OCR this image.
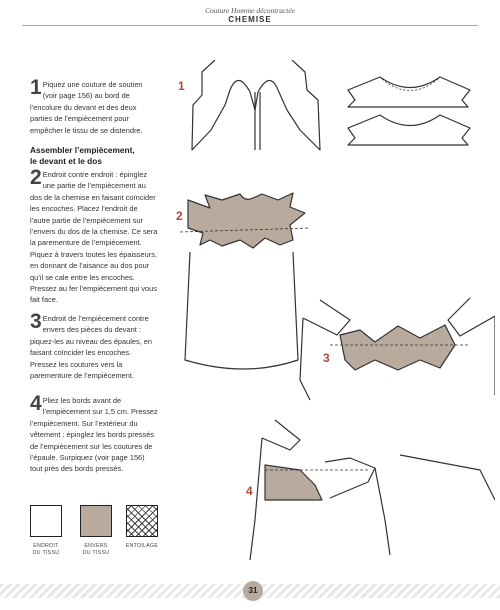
Couture Homme décontractée
CHEMISE
1 Piquez une couture de soutien (voir page 156) au bord de l’encolure du devant et des deux parties de l’empiècement pour empêcher le tissu de se distendre.
Assembler l’empiècement,
le devant et le dos
2 Endroit contre endroit : épinglez une partie de l’empiècement au dos de la chemise en faisant coïncider les encoches. Placez l’endroit de l’autre partie de l’empiècement sur l’envers du dos de la chemise. Ce sera la parementure de l’empiècement. Piquez à travers toutes les épaisseurs, en donnant de l’aisance au dos pour qu’il se cale entre les encoches. Pressez au fer l’empiècement qui vous fait face.
3 Endroit de l’empiècement contre envers des pièces du devant : piquez-les au niveau des épaules, en faisant coïncider les encoches. Pressez les coutures vers la parementure de l’empiècement.
4 Pliez les bords avant de l’empiècement sur 1,5 cm. Pressez l’empiècement. Sur l’extérieur du vêtement : épinglez les bords pressés de l’empiècement sur les coutures de l’épaule. Surpiquez (voir page 156) tout près des bords pressés.
ENDROIT
DU TISSU
ENVERS
DU TISSU
ENTOILAGE
1
2
3
4
31
